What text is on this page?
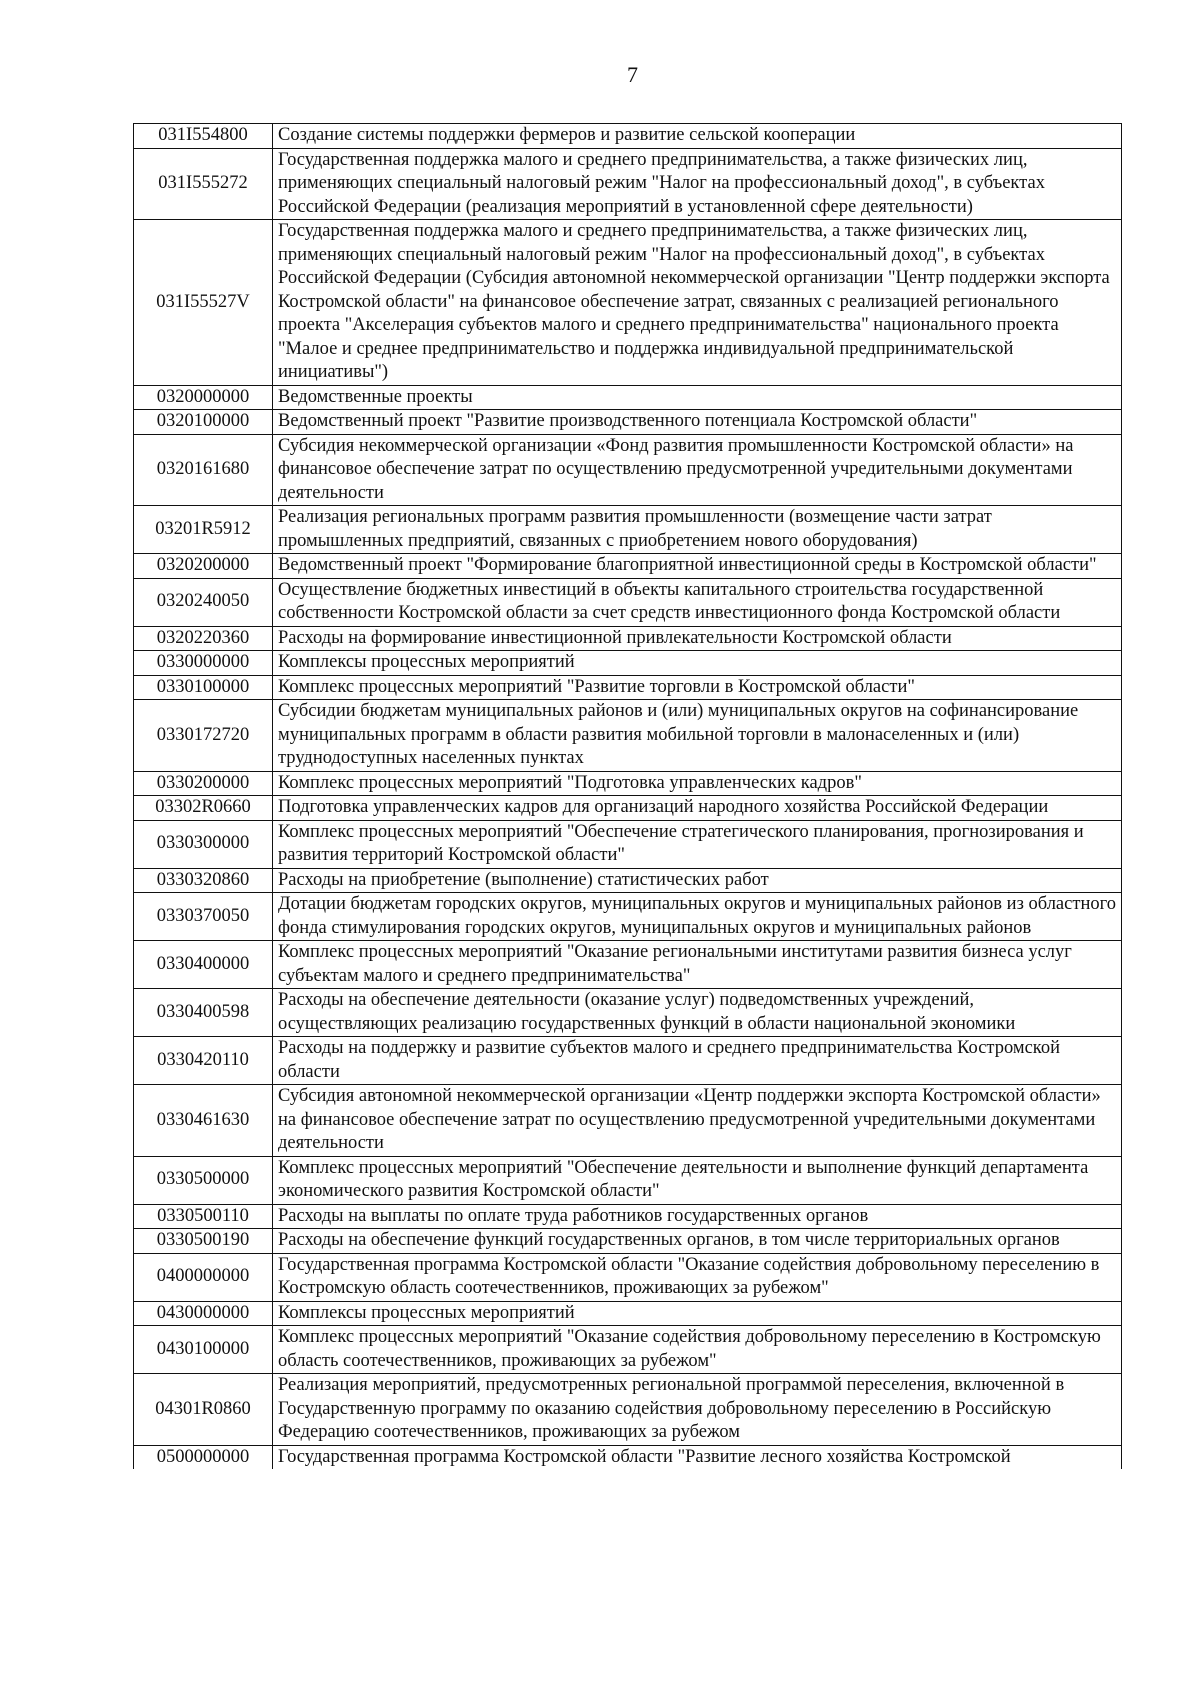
7
031I554800	Создание системы поддержки фермеров и развитие сельской кооперации
031I555272	Государственная поддержка малого и среднего предпринимательства, а также физических лиц, применяющих специальный налоговый режим "Налог на профессиональный доход", в субъектах Российской Федерации (реализация мероприятий в установленной сфере деятельности)
031I55527V	Государственная поддержка малого и среднего предпринимательства, а также физических лиц, применяющих специальный налоговый режим "Налог на профессиональный доход", в субъектах Российской Федерации (Субсидия автономной некоммерческой организации "Центр поддержки экспорта Костромской области" на финансовое обеспечение затрат, связанных с реализацией регионального проекта "Акселерация субъектов малого и среднего предпринимательства" национального проекта "Малое и среднее предпринимательство и поддержка индивидуальной предпринимательской инициативы")
0320000000	Ведомственные проекты
0320100000	Ведомственный проект "Развитие производственного потенциала Костромской области"
0320161680	Субсидия некоммерческой организации «Фонд развития промышленности Костромской области» на финансовое обеспечение затрат по осуществлению предусмотренной учредительными документами деятельности
03201R5912	Реализация региональных программ развития промышленности (возмещение части затрат промышленных предприятий, связанных с приобретением нового оборудования)
0320200000	Ведомственный проект "Формирование благоприятной инвестиционной среды в Костромской области"
0320240050	Осуществление бюджетных инвестиций в объекты капитального строительства государственной собственности Костромской области за счет средств инвестиционного фонда Костромской области
0320220360	Расходы на формирование инвестиционной привлекательности Костромской области
0330000000	Комплексы процессных мероприятий
0330100000	Комплекс процессных мероприятий "Развитие торговли в Костромской области"
0330172720	Субсидии бюджетам муниципальных районов и (или) муниципальных округов на софинансирование муниципальных программ в области развития мобильной торговли в малонаселенных и (или) труднодоступных населенных пунктах
0330200000	Комплекс процессных мероприятий "Подготовка управленческих кадров"
03302R0660	Подготовка управленческих кадров для организаций народного хозяйства Российской Федерации
0330300000	Комплекс процессных мероприятий "Обеспечение стратегического планирования, прогнозирования и развития территорий Костромской области"
0330320860	Расходы на приобретение (выполнение) статистических работ
0330370050	Дотации бюджетам городских округов, муниципальных округов и муниципальных районов из областного фонда стимулирования городских округов, муниципальных округов и муниципальных районов
0330400000	Комплекс процессных мероприятий "Оказание региональными институтами развития бизнеса услуг субъектам малого и среднего предпринимательства"
0330400598	Расходы на обеспечение деятельности (оказание услуг) подведомственных учреждений, осуществляющих реализацию государственных функций в области национальной экономики
0330420110	Расходы на поддержку и развитие субъектов малого и среднего предпринимательства Костромской области
0330461630	Субсидия автономной некоммерческой организации «Центр поддержки экспорта Костромской области» на финансовое обеспечение затрат по осуществлению предусмотренной учредительными документами деятельности
0330500000	Комплекс процессных мероприятий "Обеспечение деятельности и выполнение функций департамента экономического развития Костромской области"
0330500110	Расходы на выплаты по оплате труда работников государственных органов
0330500190	Расходы на обеспечение функций государственных органов, в том числе территориальных органов
0400000000	Государственная программа Костромской области "Оказание содействия добровольному переселению в Костромскую область соотечественников, проживающих за рубежом"
0430000000	Комплексы процессных мероприятий
0430100000	Комплекс процессных мероприятий "Оказание содействия добровольному переселению в Костромскую область соотечественников, проживающих за рубежом"
04301R0860	Реализация мероприятий, предусмотренных региональной программой переселения, включенной в Государственную программу по оказанию содействия добровольному переселению в Российскую Федерацию соотечественников, проживающих за рубежом
0500000000	Государственная программа Костромской области "Развитие лесного хозяйства Костромской
